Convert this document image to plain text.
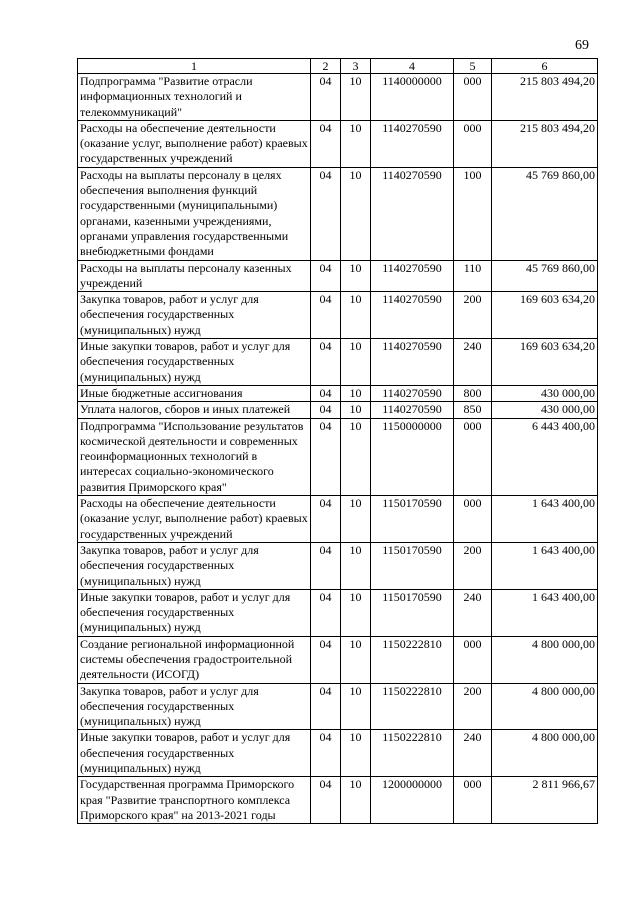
69
1	2	3	4	5	6
Подпрограмма "Развитие отрасли информационных технологий и телекоммуникаций"	04	10	1140000000	000	215 803 494,20
Расходы на обеспечение деятельности (оказание услуг, выполнение работ) краевых государственных учреждений	04	10	1140270590	000	215 803 494,20
Расходы на выплаты персоналу в целях обеспечения выполнения функций государственными (муниципальными) органами, казенными учреждениями, органами управления государственными внебюджетными фондами	04	10	1140270590	100	45 769 860,00
Расходы на выплаты персоналу казенных учреждений	04	10	1140270590	110	45 769 860,00
Закупка товаров, работ и услуг для обеспечения государственных (муниципальных) нужд	04	10	1140270590	200	169 603 634,20
Иные закупки товаров, работ и услуг для обеспечения государственных (муниципальных) нужд	04	10	1140270590	240	169 603 634,20
Иные бюджетные ассигнования	04	10	1140270590	800	430 000,00
Уплата налогов, сборов и иных платежей	04	10	1140270590	850	430 000,00
Подпрограмма "Использование результатов космической деятельности и современных геоинформационных технологий в интересах социально-экономического развития Приморского края"	04	10	1150000000	000	6 443 400,00
Расходы на обеспечение деятельности (оказание услуг, выполнение работ) краевых государственных учреждений	04	10	1150170590	000	1 643 400,00
Закупка товаров, работ и услуг для обеспечения государственных (муниципальных) нужд	04	10	1150170590	200	1 643 400,00
Иные закупки товаров, работ и услуг для обеспечения государственных (муниципальных) нужд	04	10	1150170590	240	1 643 400,00
Создание региональной информационной системы обеспечения градостроительной деятельности (ИСОГД)	04	10	1150222810	000	4 800 000,00
Закупка товаров, работ и услуг для обеспечения государственных (муниципальных) нужд	04	10	1150222810	200	4 800 000,00
Иные закупки товаров, работ и услуг для обеспечения государственных (муниципальных) нужд	04	10	1150222810	240	4 800 000,00
Государственная программа Приморского края "Развитие транспортного комплекса Приморского края" на 2013-2021 годы	04	10	1200000000	000	2 811 966,67
